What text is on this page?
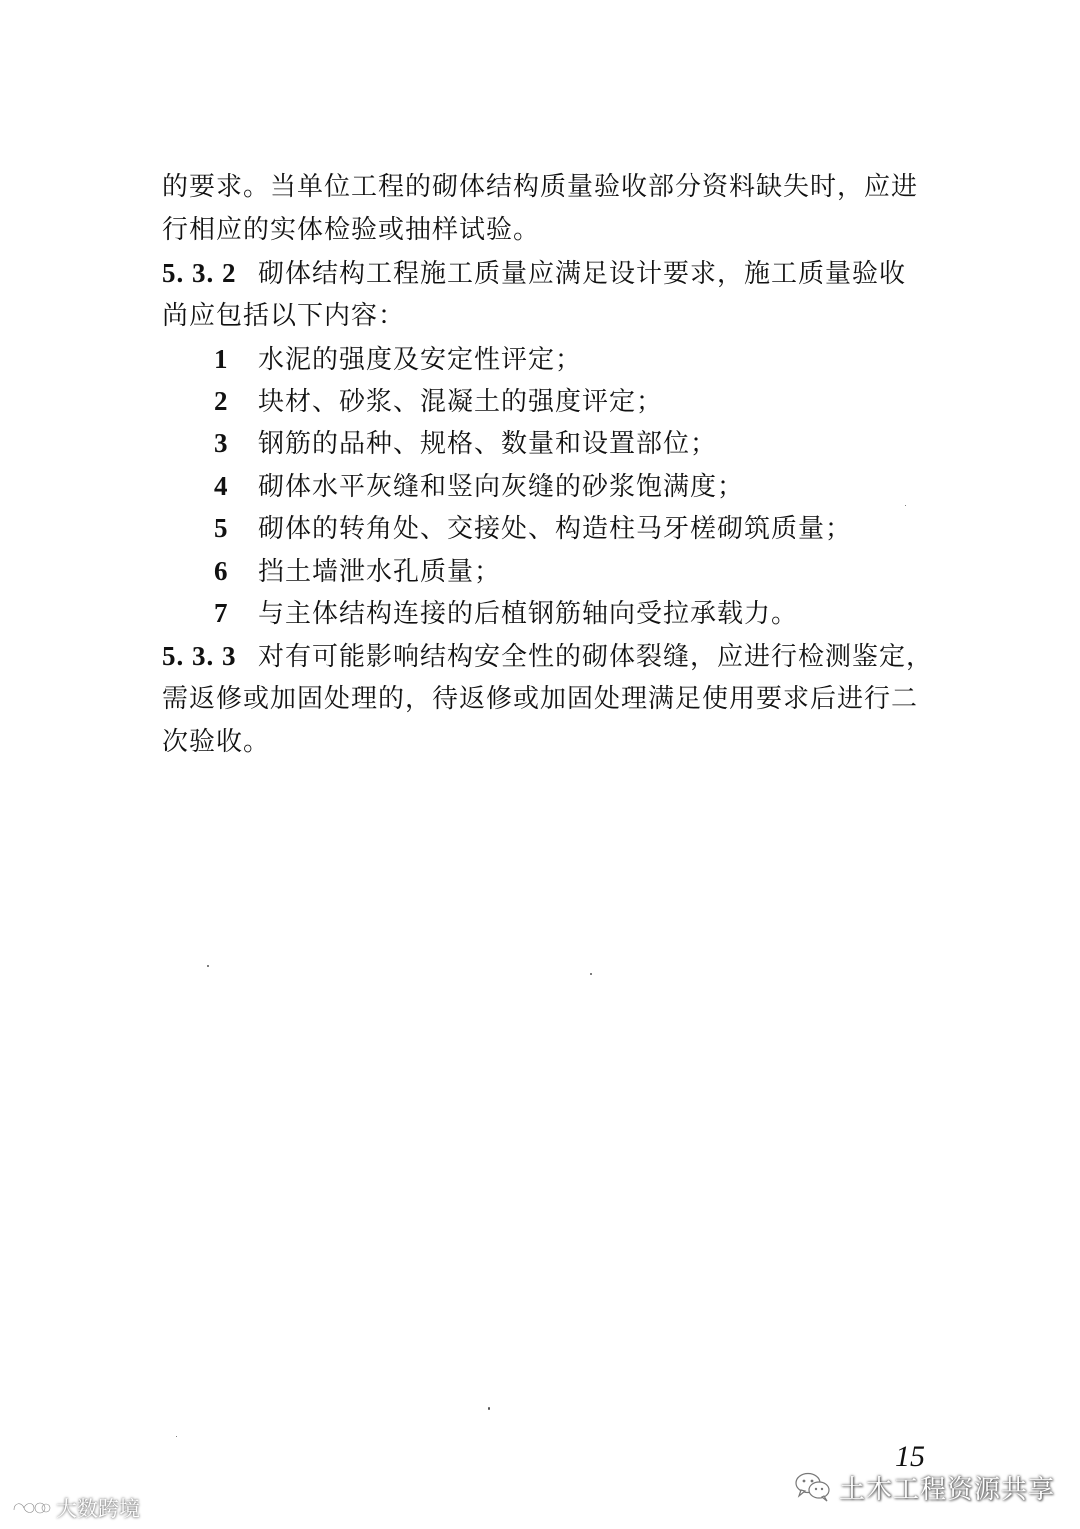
的要求。当单位工程的砌体结构质量验收部分资料缺失时，应进
行相应的实体检验或抽样试验。
5. 3. 2 砌体结构工程施工质量应满足设计要求，施工质量验收
尚应包括以下内容：
1 水泥的强度及安定性评定；
2 块材、砂浆、混凝土的强度评定；
3 钢筋的品种、规格、数量和设置部位；
4 砌体水平灰缝和竖向灰缝的砂浆饱满度；
5 砌体的转角处、交接处、构造柱马牙槎砌筑质量；
6 挡土墙泄水孔质量；
7 与主体结构连接的后植钢筋轴向受拉承载力。
5. 3. 3 对有可能影响结构安全性的砌体裂缝，应进行检测鉴定，
需返修或加固处理的，待返修或加固处理满足使用要求后进行二
次验收。
15
大数跨境
土木工程资源共享
